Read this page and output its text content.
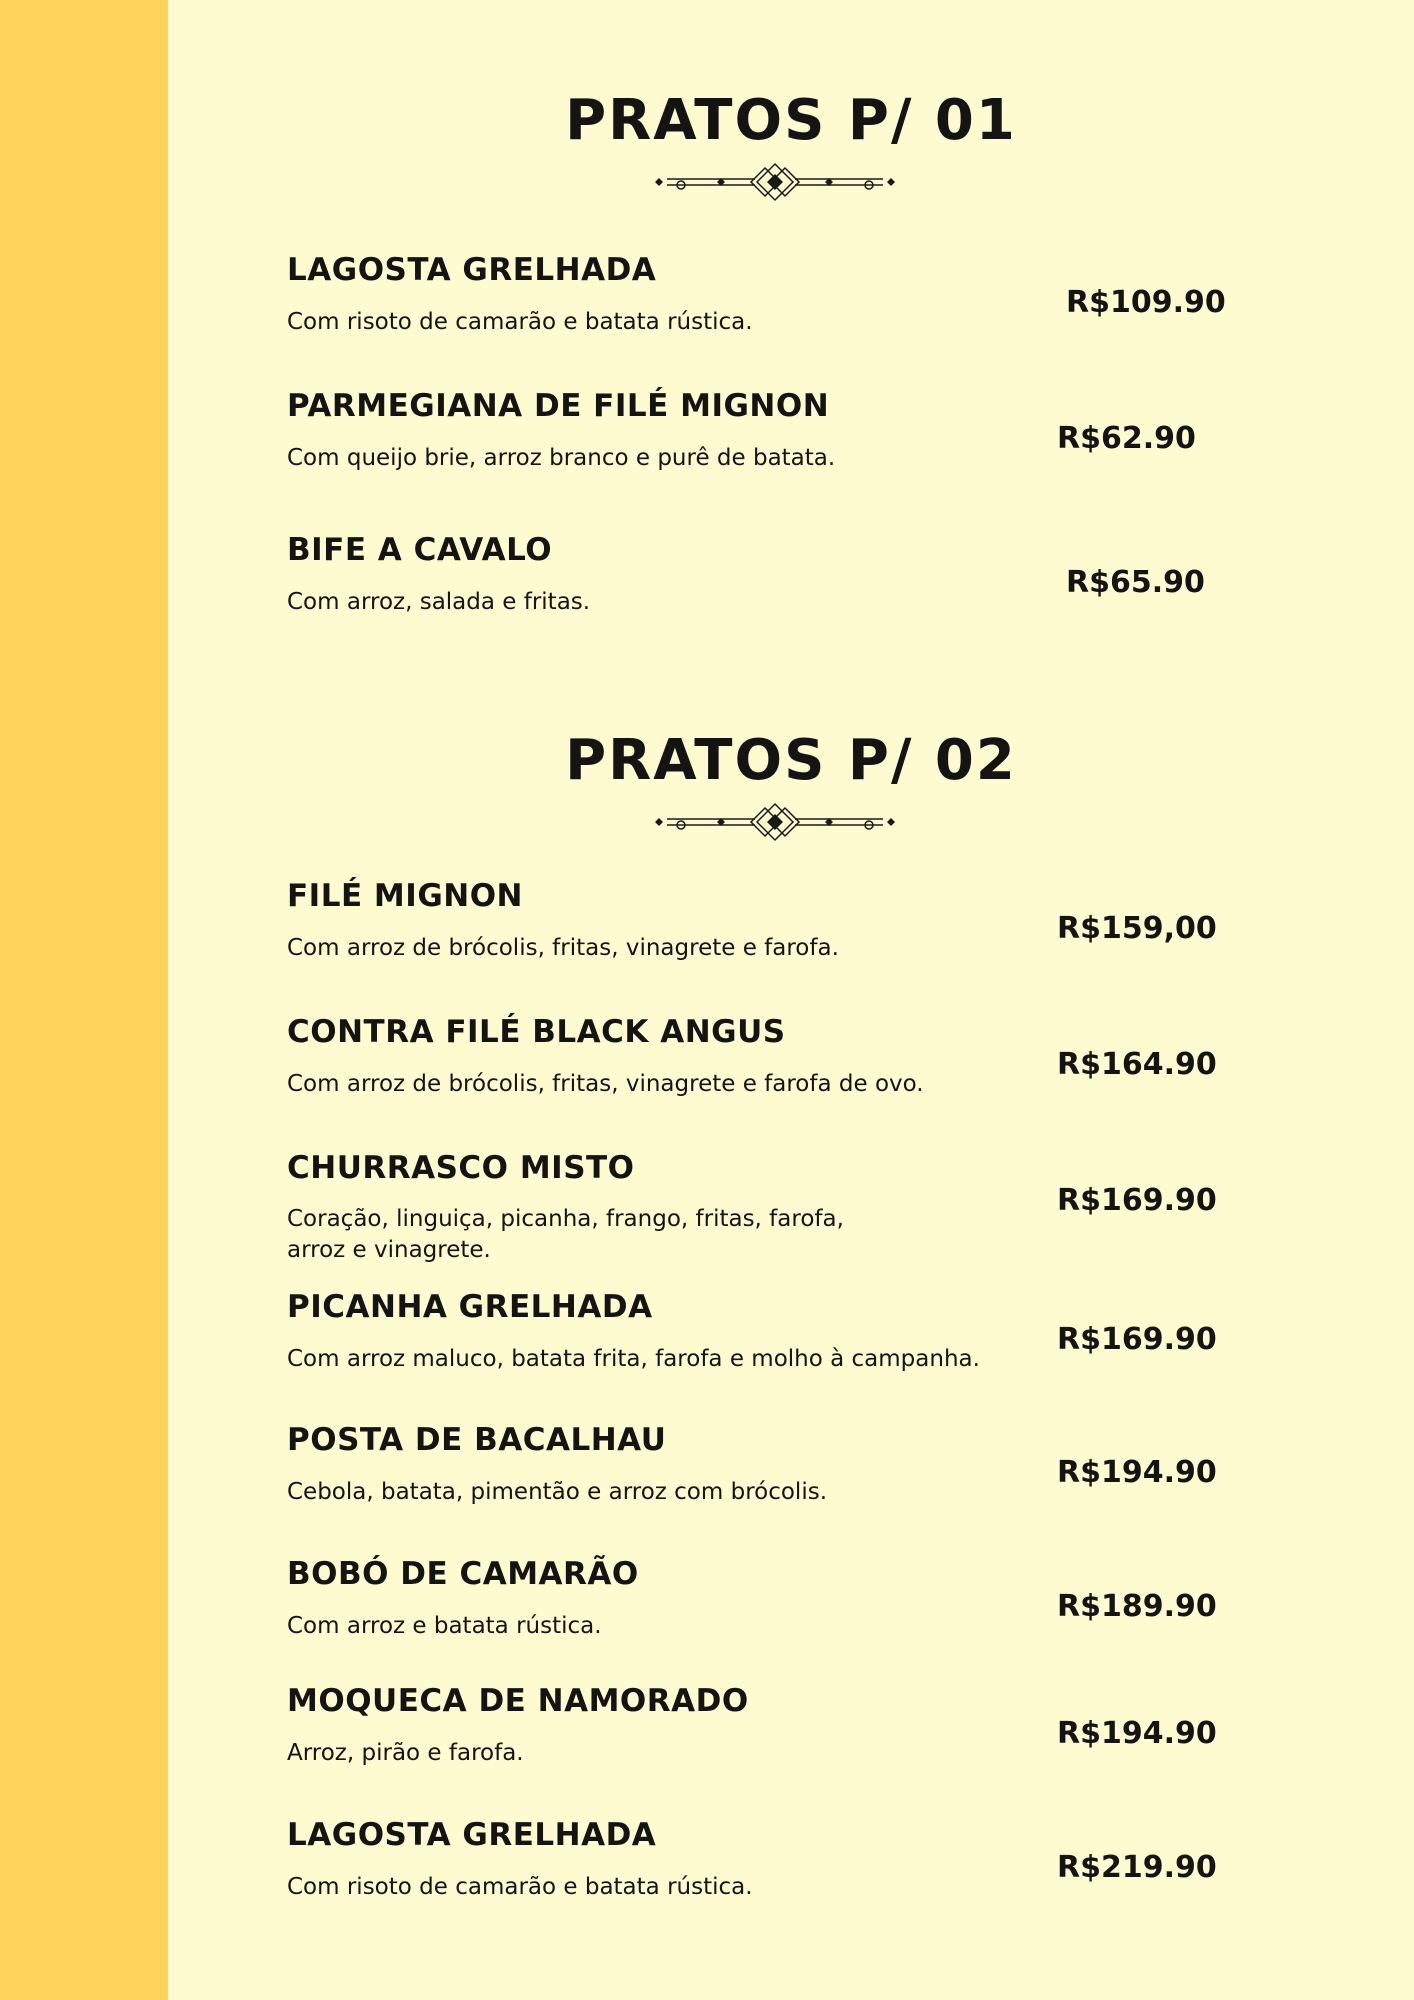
PRATOS P/ 01
LAGOSTA GRELHADA
Com risoto de camarão e batata rústica.
R$109.90
PARMEGIANA DE FILÉ MIGNON
Com queijo brie, arroz branco e purê de batata.
R$62.90
BIFE A CAVALO
Com arroz, salada e fritas.
R$65.90
PRATOS P/ 02
FILÉ MIGNON
Com arroz de brócolis, fritas, vinagrete e farofa.
R$159,00
CONTRA FILÉ BLACK ANGUS
Com arroz de brócolis, fritas, vinagrete e farofa de ovo.
R$164.90
CHURRASCO MISTO
Coração, linguiça, picanha, frango, fritas, farofa, arroz e vinagrete.
R$169.90
PICANHA GRELHADA
Com arroz maluco, batata frita, farofa e molho à campanha.
R$169.90
POSTA DE BACALHAU
Cebola, batata, pimentão e arroz com brócolis.
R$194.90
BOBÓ DE CAMARÃO
Com arroz e batata rústica.
R$189.90
MOQUECA DE NAMORADO
Arroz, pirão e farofa.
R$194.90
LAGOSTA GRELHADA
Com risoto de camarão e batata rústica.
R$219.90
